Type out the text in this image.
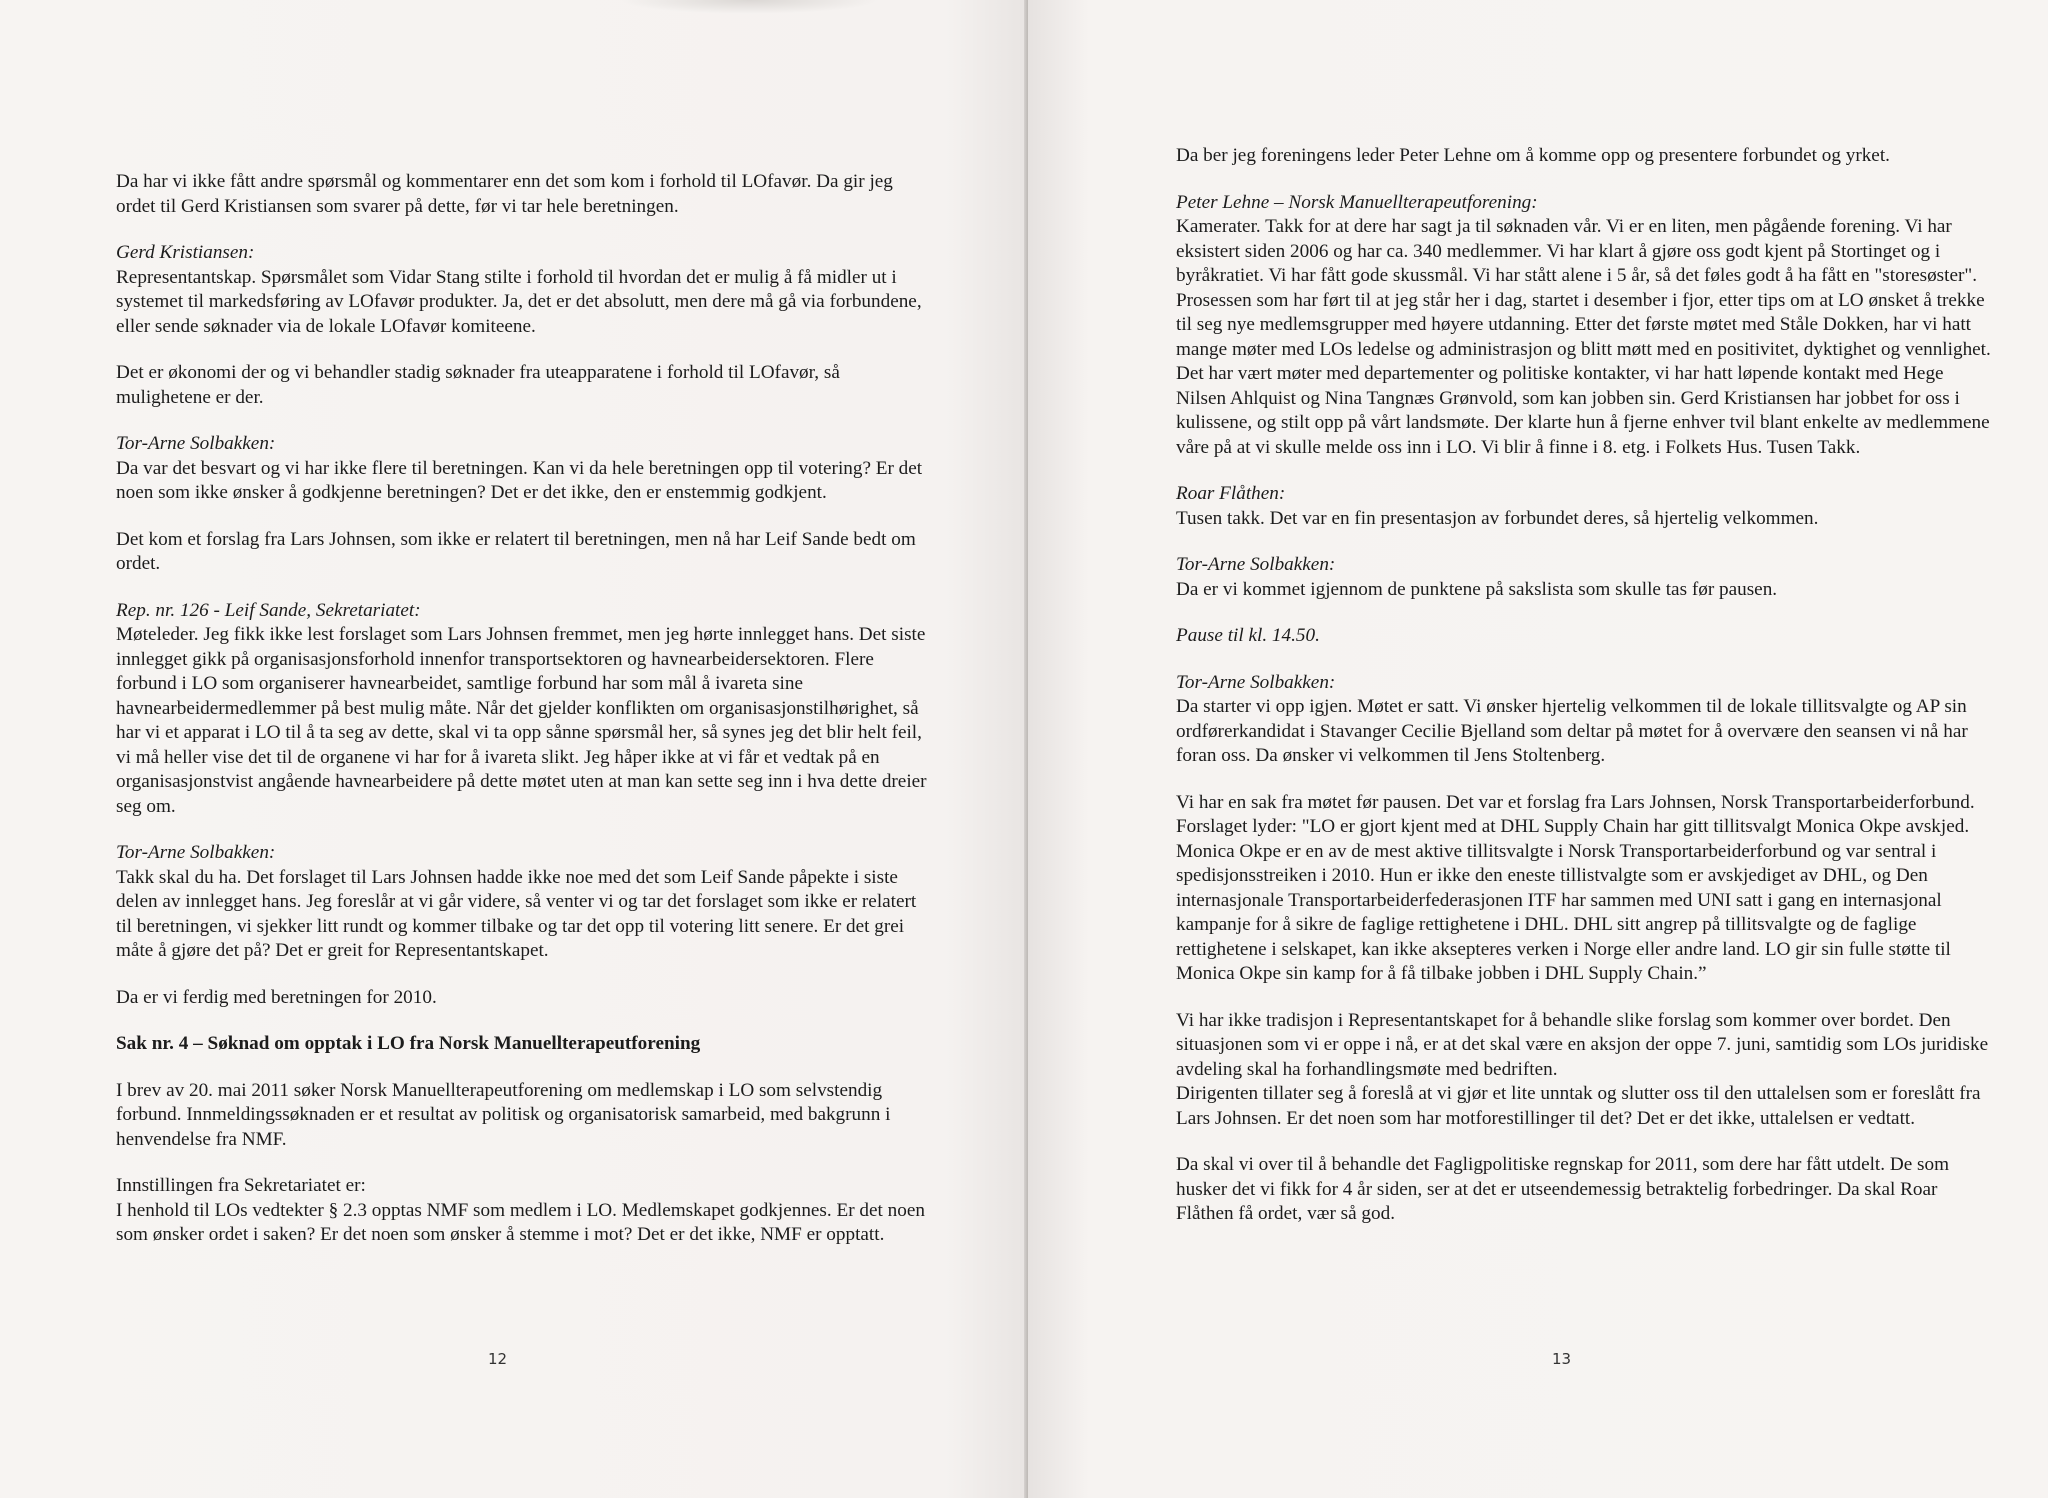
Da har vi ikke fått andre spørsmål og kommentarer enn det som kom i forhold til LOfavør. Da gir jeg ordet til Gerd Kristiansen som svarer på dette, før vi tar hele beretningen.

Gerd Kristiansen:
Representantskap. Spørsmålet som Vidar Stang stilte i forhold til hvordan det er mulig å få midler ut i systemet til markedsføring av LOfavør produkter. Ja, det er det absolutt, men dere må gå via forbundene, eller sende søknader via de lokale LOfavør komiteene.

Det er økonomi der og vi behandler stadig søknader fra uteapparatene i forhold til LOfavør, så mulighetene er der.

Tor-Arne Solbakken:
Da var det besvart og vi har ikke flere til beretningen. Kan vi da hele beretningen opp til votering? Er det noen som ikke ønsker å godkjenne beretningen? Det er det ikke, den er enstemmig godkjent.

Det kom et forslag fra Lars Johnsen, som ikke er relatert til beretningen, men nå har Leif Sande bedt om ordet.

Rep. nr. 126 - Leif Sande, Sekretariatet:
Møteleder. Jeg fikk ikke lest forslaget som Lars Johnsen fremmet, men jeg hørte innlegget hans. Det siste innlegget gikk på organisasjonsforhold innenfor transportsektoren og havnearbeidersektoren. Flere forbund i LO som organiserer havnearbeidet, samtlige forbund har som mål å ivareta sine havnearbeidermedlemmer på best mulig måte. Når det gjelder konflikten om organisasjonstilhørighet, så har vi et apparat i LO til å ta seg av dette, skal vi ta opp sånne spørsmål her, så synes jeg det blir helt feil, vi må heller vise det til de organene vi har for å ivareta slikt. Jeg håper ikke at vi får et vedtak på en organisasjonstvist angående havnearbeidere på dette møtet uten at man kan sette seg inn i hva dette dreier seg om.

Tor-Arne Solbakken:
Takk skal du ha. Det forslaget til Lars Johnsen hadde ikke noe med det som Leif Sande påpekte i siste delen av innlegget hans. Jeg foreslår at vi går videre, så venter vi og tar det forslaget som ikke er relatert til beretningen, vi sjekker litt rundt og kommer tilbake og tar det opp til votering litt senere. Er det grei måte å gjøre det på? Det er greit for Representantskapet.

Da er vi ferdig med beretningen for 2010.

Sak nr. 4 – Søknad om opptak i LO fra Norsk Manuellterapeutforening

I brev av 20. mai 2011 søker Norsk Manuellterapeutforening om medlemskap i LO som selvstendig forbund. Innmeldingssøknaden er et resultat av politisk og organisatorisk samarbeid, med bakgrunn i henvendelse fra NMF.

Innstillingen fra Sekretariatet er:
I henhold til LOs vedtekter § 2.3 opptas NMF som medlem i LO. Medlemskapet godkjennes. Er det noen som ønsker ordet i saken? Er det noen som ønsker å stemme i mot? Det er det ikke, NMF er opptatt.

12

Da ber jeg foreningens leder Peter Lehne om å komme opp og presentere forbundet og yrket.

Peter Lehne – Norsk Manuellterapeutforening:
Kamerater. Takk for at dere har sagt ja til søknaden vår. Vi er en liten, men pågående forening. Vi har eksistert siden 2006 og har ca. 340 medlemmer. Vi har klart å gjøre oss godt kjent på Stortinget og i byråkratiet. Vi har fått gode skussmål. Vi har stått alene i 5 år, så det føles godt å ha fått en "storesøster". Prosessen som har ført til at jeg står her i dag, startet i desember i fjor, etter tips om at LO ønsket å trekke til seg nye medlemsgrupper med høyere utdanning. Etter det første møtet med Ståle Dokken, har vi hatt mange møter med LOs ledelse og administrasjon og blitt møtt med en positivitet, dyktighet og vennlighet. Det har vært møter med departementer og politiske kontakter, vi har hatt løpende kontakt med Hege Nilsen Ahlquist og Nina Tangnæs Grønvold, som kan jobben sin. Gerd Kristiansen har jobbet for oss i kulissene, og stilt opp på vårt landsmøte. Der klarte hun å fjerne enhver tvil blant enkelte av medlemmene våre på at vi skulle melde oss inn i LO. Vi blir å finne i 8. etg. i Folkets Hus. Tusen Takk.

Roar Flåthen:
Tusen takk. Det var en fin presentasjon av forbundet deres, så hjertelig velkommen.

Tor-Arne Solbakken:
Da er vi kommet igjennom de punktene på sakslista som skulle tas før pausen.

Pause til kl. 14.50.

Tor-Arne Solbakken:
Da starter vi opp igjen. Møtet er satt. Vi ønsker hjertelig velkommen til de lokale tillitsvalgte og AP sin ordførerkandidat i Stavanger Cecilie Bjelland som deltar på møtet for å overvære den seansen vi nå har foran oss. Da ønsker vi velkommen til Jens Stoltenberg.

Vi har en sak fra møtet før pausen. Det var et forslag fra Lars Johnsen, Norsk Transportarbeiderforbund. Forslaget lyder: "LO er gjort kjent med at DHL Supply Chain har gitt tillitsvalgt Monica Okpe avskjed. Monica Okpe er en av de mest aktive tillitsvalgte i Norsk Transportarbeiderforbund og var sentral i spedisjonsstreiken i 2010. Hun er ikke den eneste tillistvalgte som er avskjediget av DHL, og Den internasjonale Transportarbeiderfederasjonen ITF har sammen med UNI satt i gang en internasjonal kampanje for å sikre de faglige rettighetene i DHL. DHL sitt angrep på tillitsvalgte og de faglige rettighetene i selskapet, kan ikke aksepteres verken i Norge eller andre land. LO gir sin fulle støtte til Monica Okpe sin kamp for å få tilbake jobben i DHL Supply Chain.”

Vi har ikke tradisjon i Representantskapet for å behandle slike forslag som kommer over bordet. Den situasjonen som vi er oppe i nå, er at det skal være en aksjon der oppe 7. juni, samtidig som LOs juridiske avdeling skal ha forhandlingsmøte med bedriften.
Dirigenten tillater seg å foreslå at vi gjør et lite unntak og slutter oss til den uttalelsen som er foreslått fra Lars Johnsen. Er det noen som har motforestillinger til det? Det er det ikke, uttalelsen er vedtatt.

Da skal vi over til å behandle det Fagligpolitiske regnskap for 2011, som dere har fått utdelt. De som husker det vi fikk for 4 år siden, ser at det er utseendemessig betraktelig forbedringer. Da skal Roar Flåthen få ordet, vær så god.

13
